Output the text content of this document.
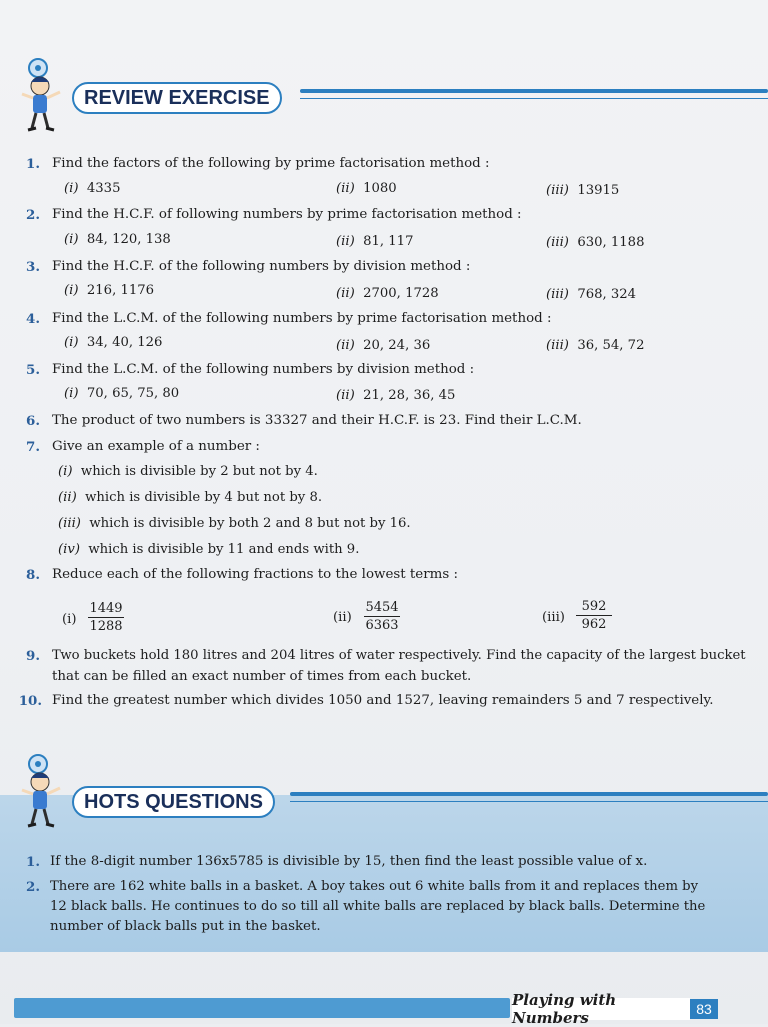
REVIEW EXERCISE
1. Find the factors of the following by prime factorisation method :
(i) 4335	(ii) 1080	(iii) 13915
2. Find the H.C.F. of following numbers by prime factorisation method :
(i) 84, 120, 138	(ii) 81, 117	(iii) 630, 1188
3. Find the H.C.F. of the following numbers by division method :
(i) 216, 1176	(ii) 2700, 1728	(iii) 768, 324
4. Find the L.C.M. of the following numbers by prime factorisation method :
(i) 34, 40, 126	(ii) 20, 24, 36	(iii) 36, 54, 72
5. Find the L.C.M. of the following numbers by division method :
(i) 70, 65, 75, 80	(ii) 21, 28, 36, 45
6. The product of two numbers is 33327 and their H.C.F. is 23. Find their L.C.M.
7. Give an example of a number :
(i) which is divisible by 2 but not by 4.
(ii) which is divisible by 4 but not by 8.
(iii) which is divisible by both 2 and 8 but not by 16.
(iv) which is divisible by 11 and ends with 9.
8. Reduce each of the following fractions to the lowest terms :
(i)
1449
1288
(ii)
5454
6363
(iii)
592
962
9. Two buckets hold 180 litres and 204 litres of water respectively. Find the capacity of the largest bucket
that can be filled an exact number of times from each bucket.
10. Find the greatest number which divides 1050 and 1527, leaving remainders 5 and 7 respectively.
HOTS QUESTIONS
1. If the 8-digit number 136x5785 is divisible by 15, then find the least possible value of x.
2. There are 162 white balls in a basket. A boy takes out 6 white balls from it and replaces them by
12 black balls. He continues to do so till all white balls are replaced by black balls. Determine the
number of black balls put in the basket.
Playing with Numbers	83
